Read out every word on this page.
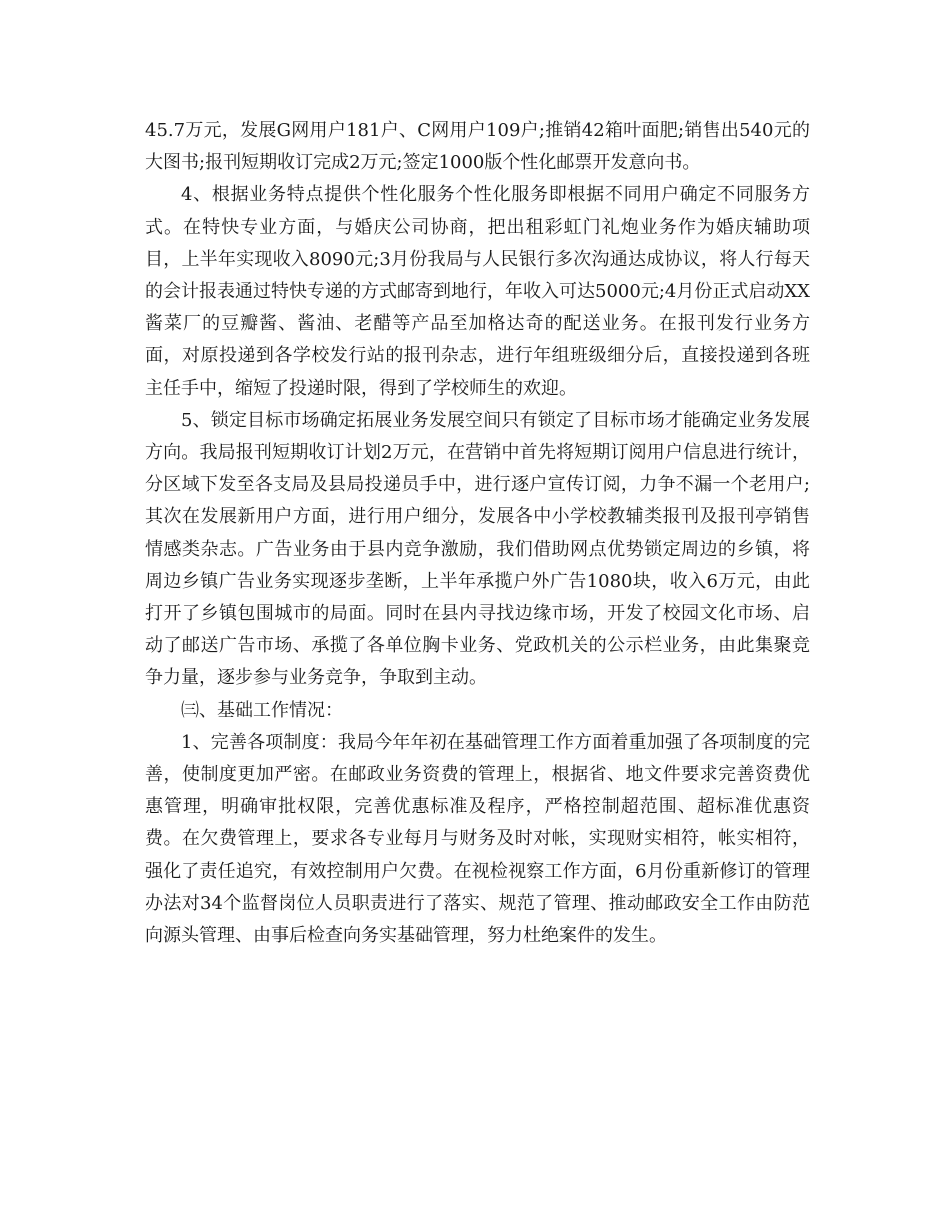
45.7万元，发展G网用户181户、C网用户109户;推销42箱叶面肥;销售出540元的大图书;报刊短期收订完成2万元;签定1000版个性化邮票开发意向书。

4、根据业务特点提供个性化服务个性化服务即根据不同用户确定不同服务方式。在特快专业方面，与婚庆公司协商，把出租彩虹门礼炮业务作为婚庆辅助项目，上半年实现收入8090元;3月份我局与人民银行多次沟通达成协议，将人行每天的会计报表通过特快专递的方式邮寄到地行，年收入可达5000元;4月份正式启动XX酱菜厂的豆瓣酱、酱油、老醋等产品至加格达奇的配送业务。在报刊发行业务方面，对原投递到各学校发行站的报刊杂志，进行年组班级细分后，直接投递到各班主任手中，缩短了投递时限，得到了学校师生的欢迎。

5、锁定目标市场确定拓展业务发展空间只有锁定了目标市场才能确定业务发展方向。我局报刊短期收订计划2万元，在营销中首先将短期订阅用户信息进行统计，分区域下发至各支局及县局投递员手中，进行逐户宣传订阅，力争不漏一个老用户;其次在发展新用户方面，进行用户细分，发展各中小学校教辅类报刊及报刊亭销售情感类杂志。广告业务由于县内竞争激励，我们借助网点优势锁定周边的乡镇，将周边乡镇广告业务实现逐步垄断，上半年承揽户外广告1080块，收入6万元，由此打开了乡镇包围城市的局面。同时在县内寻找边缘市场，开发了校园文化市场、启动了邮送广告市场、承揽了各单位胸卡业务、党政机关的公示栏业务，由此集聚竞争力量，逐步参与业务竞争，争取到主动。

㈢、基础工作情况：

1、完善各项制度：我局今年年初在基础管理工作方面着重加强了各项制度的完善，使制度更加严密。在邮政业务资费的管理上，根据省、地文件要求完善资费优惠管理，明确审批权限，完善优惠标准及程序，严格控制超范围、超标准优惠资费。在欠费管理上，要求各专业每月与财务及时对帐，实现财实相符，帐实相符，强化了责任追究，有效控制用户欠费。在视检视察工作方面，6月份重新修订的管理办法对34个监督岗位人员职责进行了落实、规范了管理、推动邮政安全工作由防范向源头管理、由事后检查向务实基础管理，努力杜绝案件的发生。
